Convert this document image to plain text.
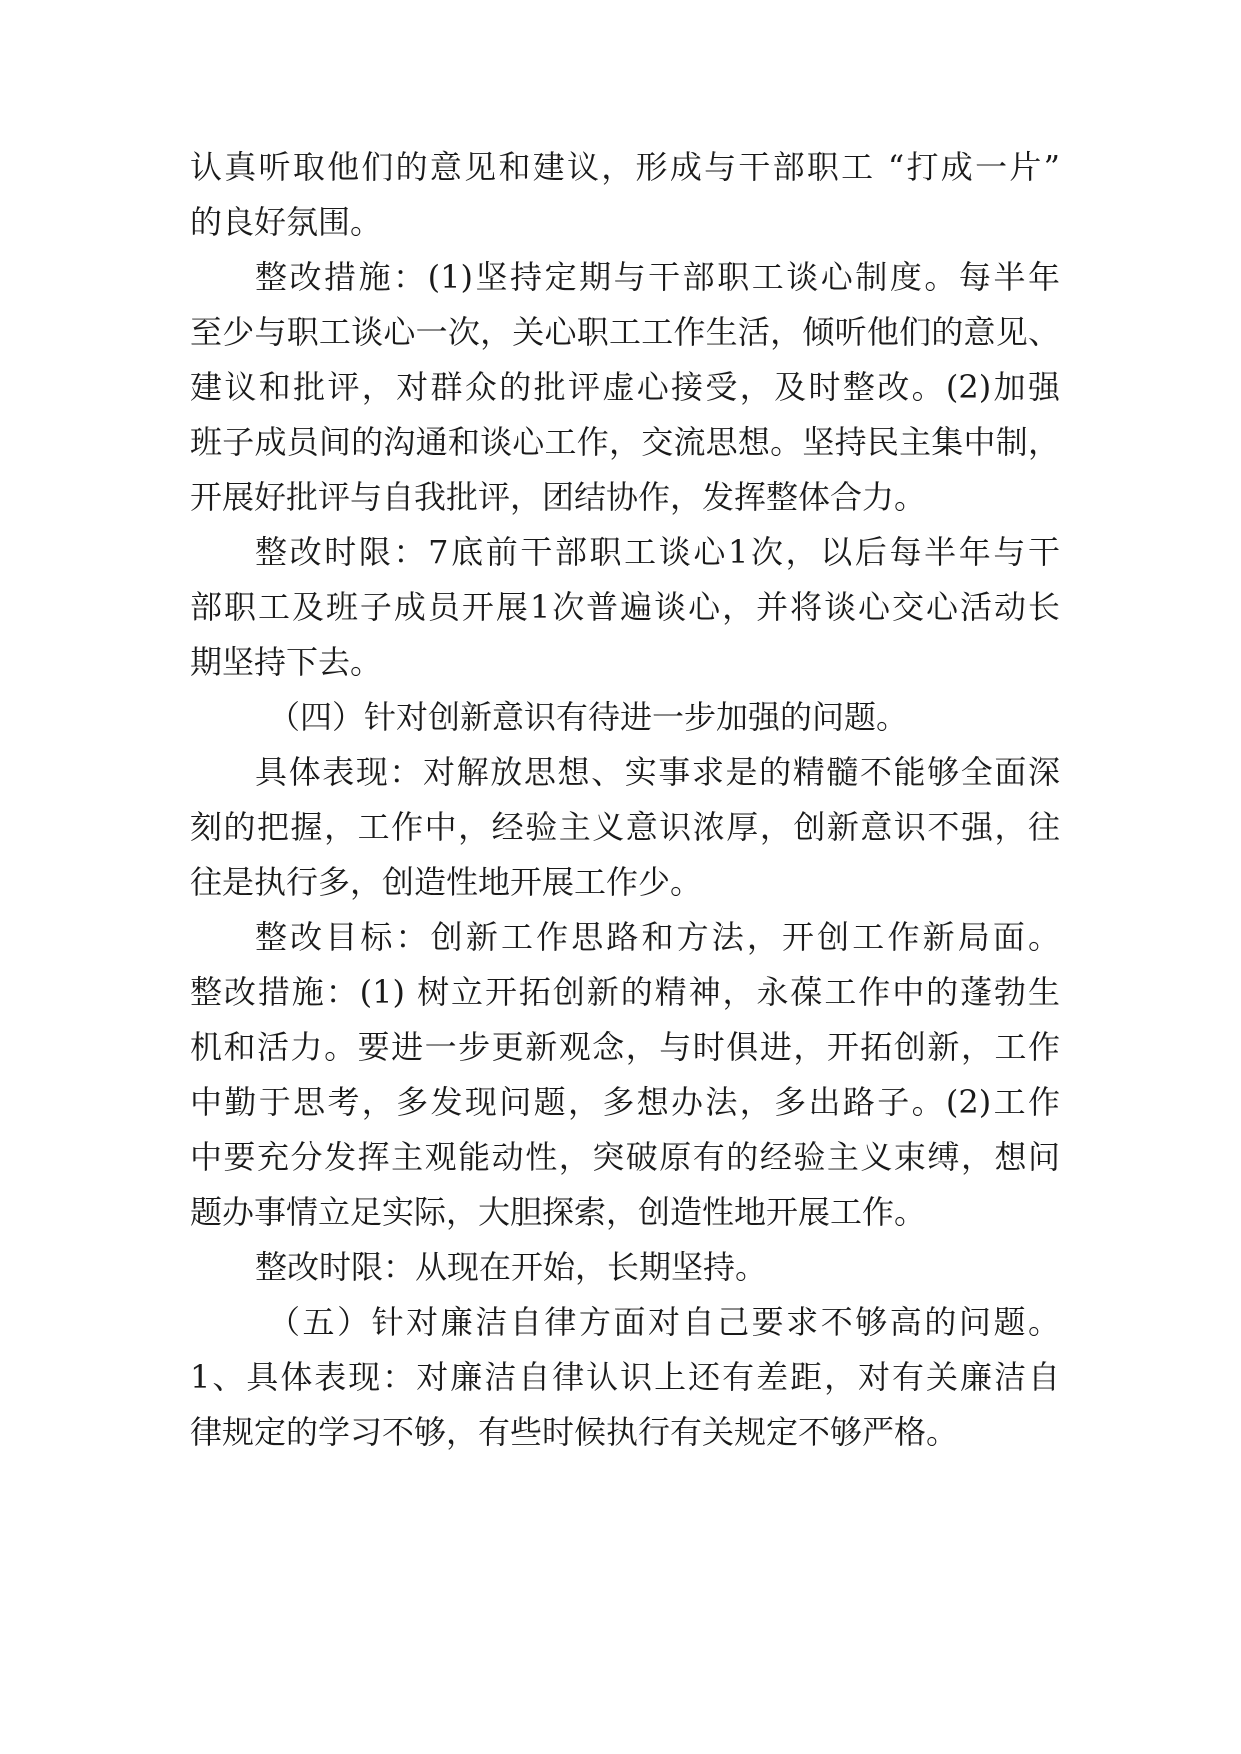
认真听取他们的意见和建议，形成与干部职工 “打成一片”
的良好氛围。
整改措施：(1)坚持定期与干部职工谈心制度。每半年
至少与职工谈心一次，关心职工工作生活，倾听他们的意见、
建议和批评，对群众的批评虚心接受，及时整改。(2)加强
班子成员间的沟通和谈心工作，交流思想。坚持民主集中制，
开展好批评与自我批评，团结协作，发挥整体合力。
整改时限：7底前干部职工谈心1次，以后每半年与干
部职工及班子成员开展1次普遍谈心，并将谈心交心活动长
期坚持下去。
（四）针对创新意识有待进一步加强的问题。
具体表现：对解放思想、实事求是的精髓不能够全面深
刻的把握，工作中，经验主义意识浓厚，创新意识不强，往
往是执行多，创造性地开展工作少。
整改目标：创新工作思路和方法，开创工作新局面。
整改措施：(1) 树立开拓创新的精神，永葆工作中的蓬勃生
机和活力。要进一步更新观念，与时俱进，开拓创新，工作
中勤于思考，多发现问题，多想办法，多出路子。(2)工作
中要充分发挥主观能动性，突破原有的经验主义束缚，想问
题办事情立足实际，大胆探索，创造性地开展工作。
整改时限：从现在开始，长期坚持。
（五）针对廉洁自律方面对自己要求不够高的问题。
1、具体表现：对廉洁自律认识上还有差距，对有关廉洁自
律规定的学习不够，有些时候执行有关规定不够严格。
